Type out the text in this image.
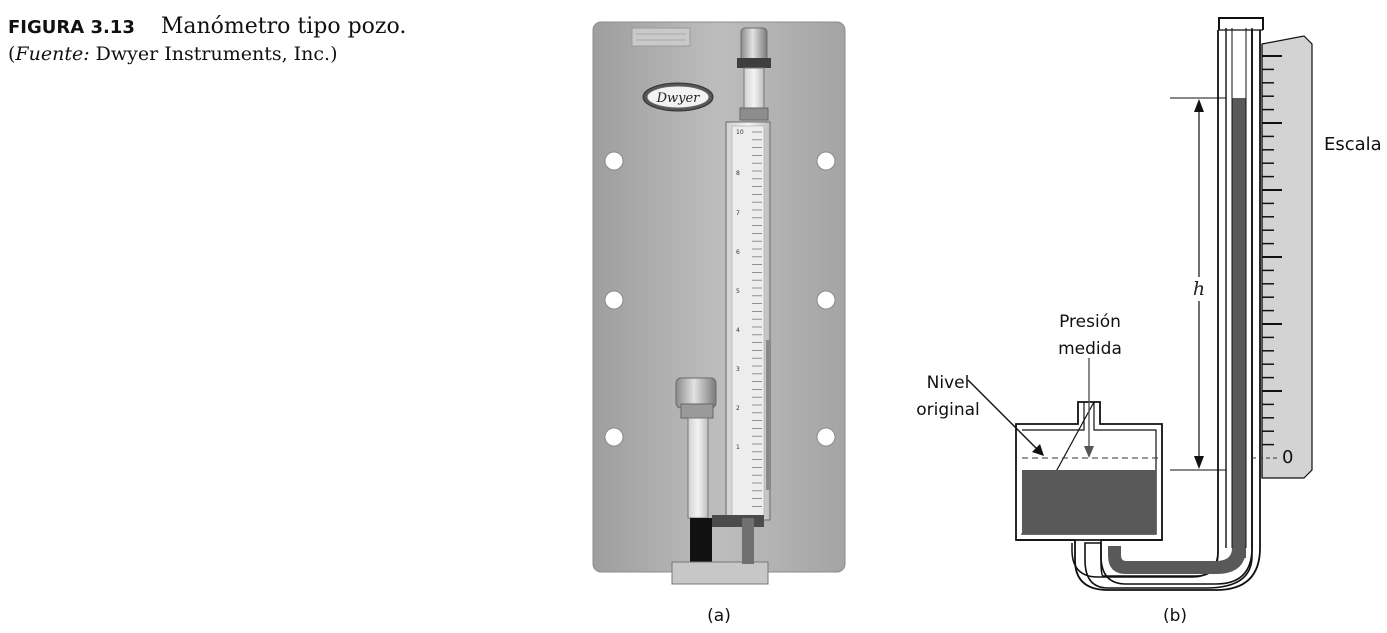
FIGURA 3.13 Manómetro tipo pozo.
(Fuente: Dwyer Instruments, Inc.)
Dwyer
10
8
7
6
5
4
3
2
1
(a)
0
Escala
Presión
medida
Nivel
original
h
(b)
